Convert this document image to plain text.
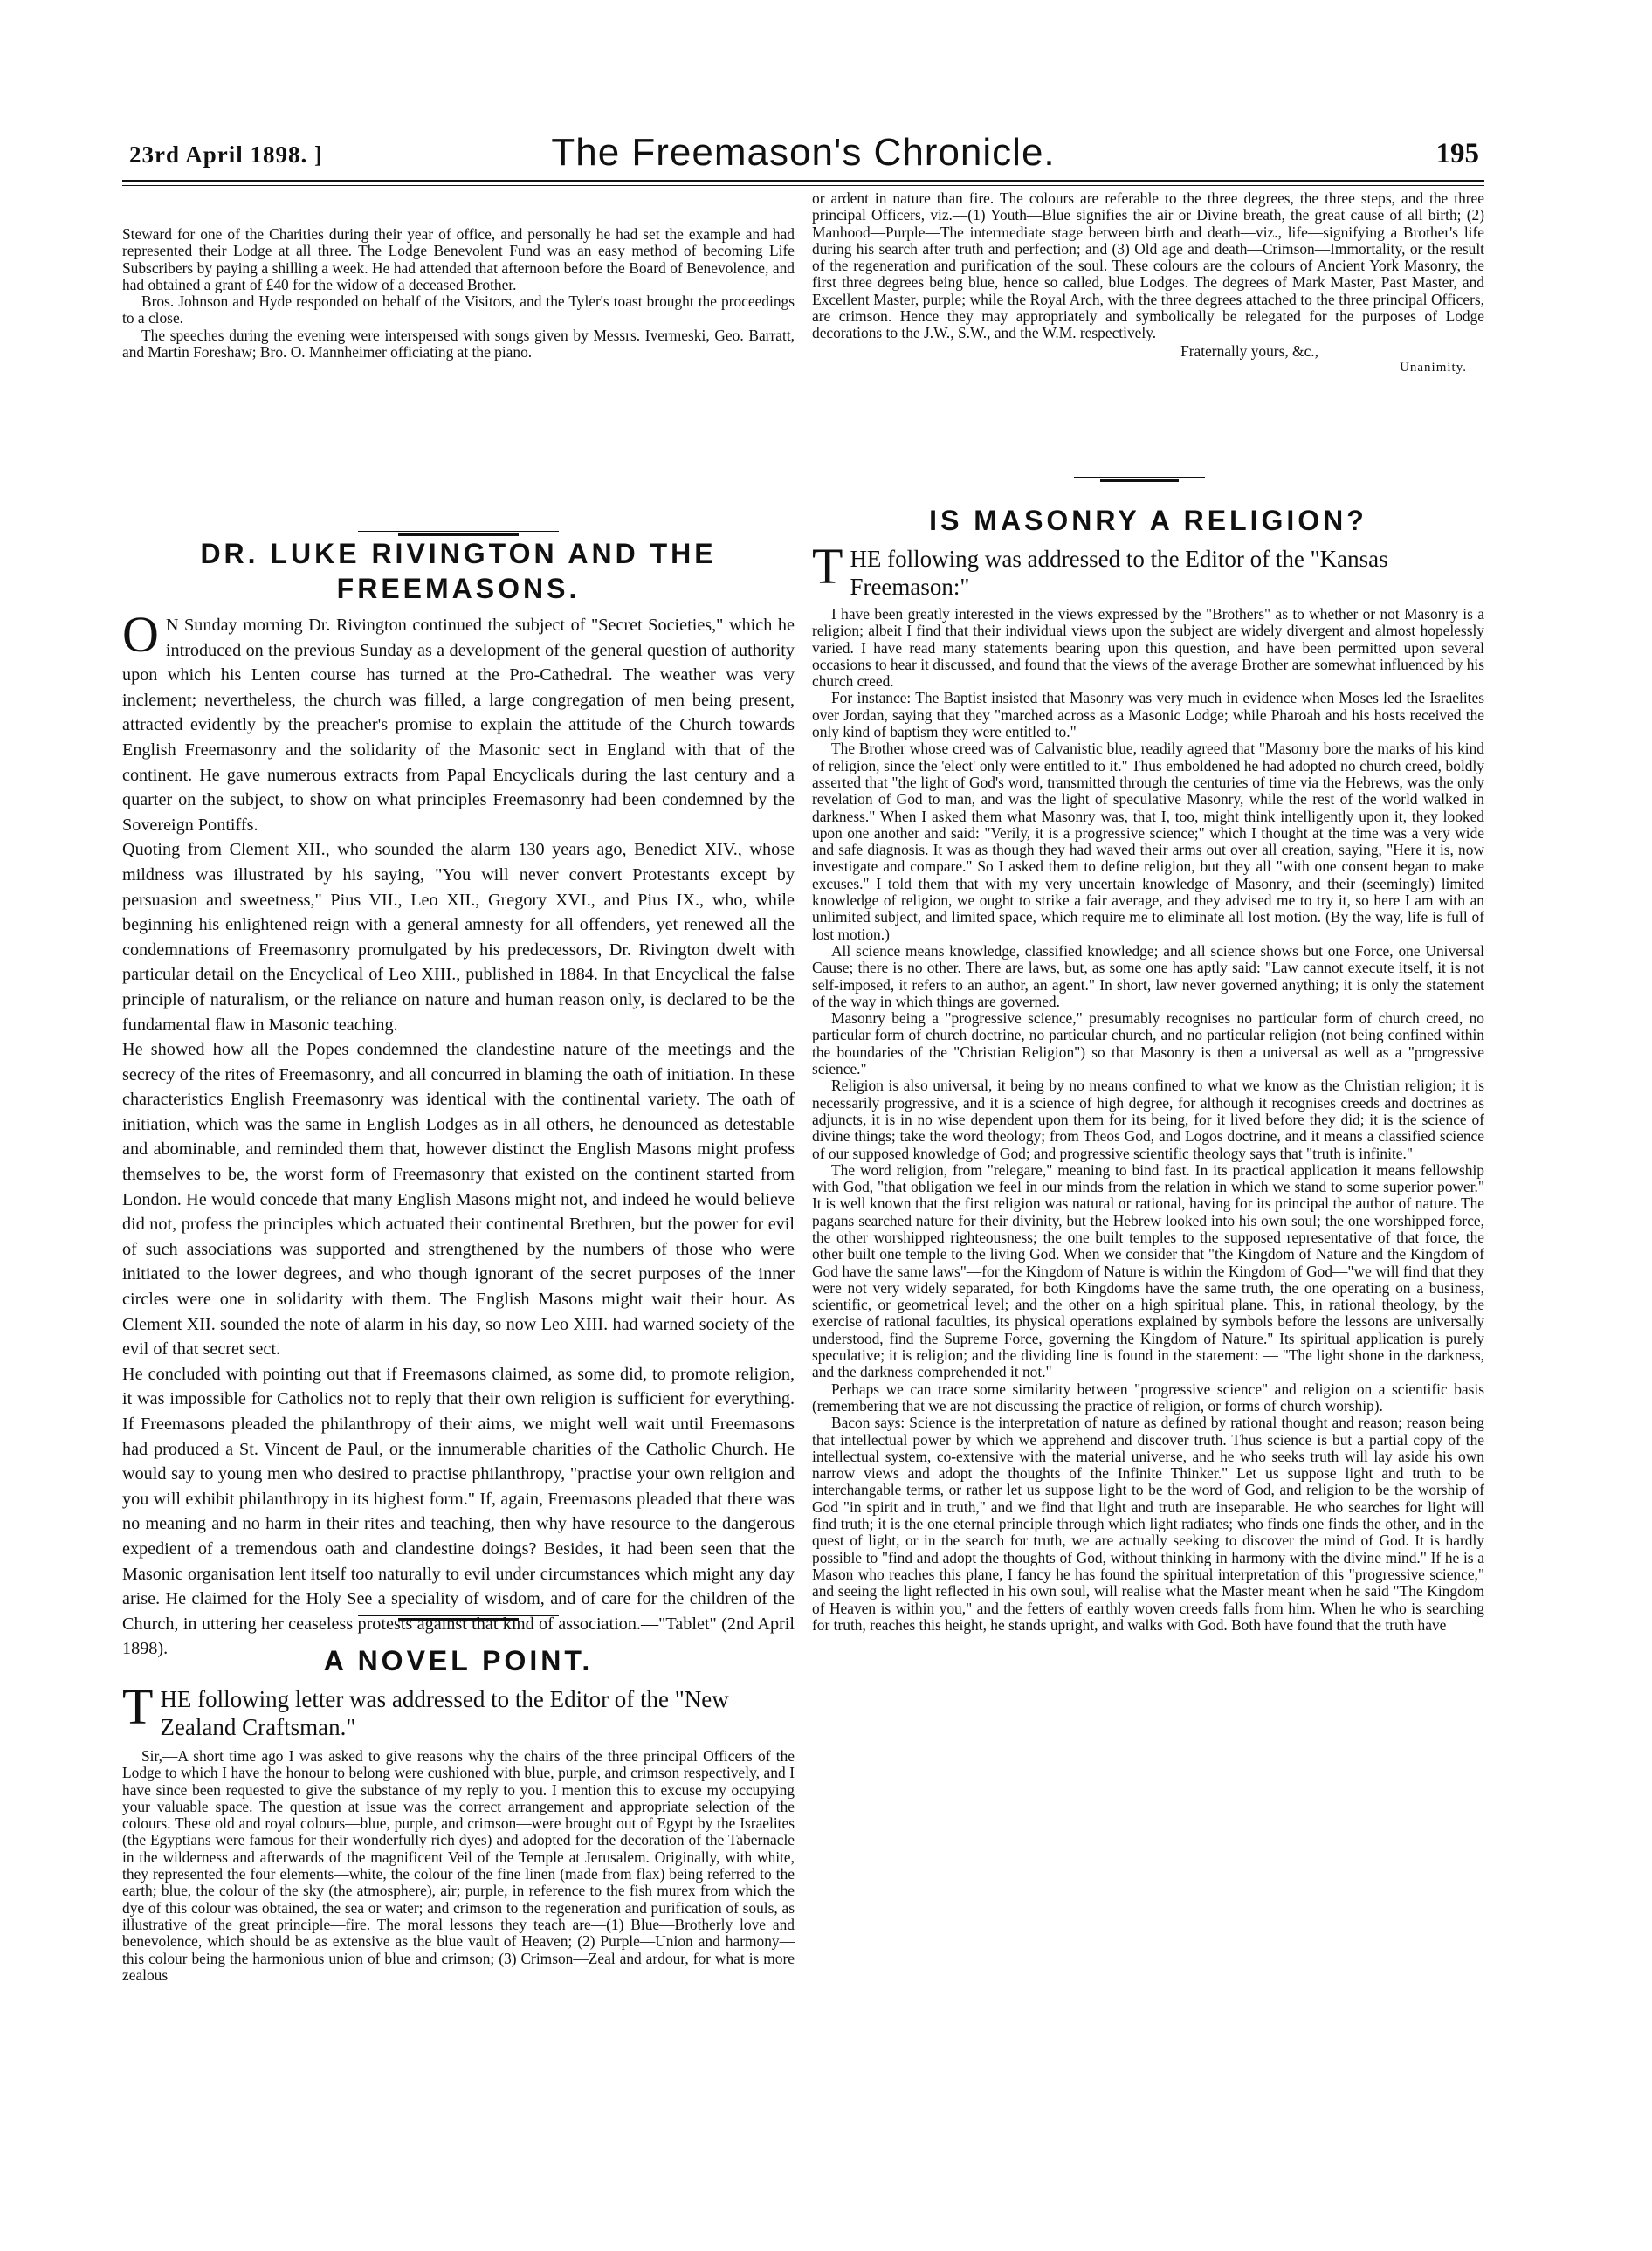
23rd April 1898. ]	The Freemason's Chronicle.	195

Steward for one of the Charities during their year of office, and personally he had set the example and had represented their Lodge at all three. The Lodge Benevolent Fund was an easy method of becoming Life Subscribers by paying a shilling a week. He had attended that afternoon before the Board of Benevolence, and had obtained a grant of £40 for the widow of a deceased Brother.

Bros. Johnson and Hyde responded on behalf of the Visitors, and the Tyler's toast brought the proceedings to a close.

The speeches during the evening were interspersed with songs given by Messrs. Ivermeski, Geo. Barratt, and Martin Foreshaw; Bro. O. Mannheimer officiating at the piano.

DR. LUKE RIVINGTON AND THE FREEMASONS.
O N Sunday morning Dr. Rivington continued the subject of "Secret Societies," which he introduced on the previous Sunday as a development of the general question of authority upon which his Lenten course has turned at the Pro-Cathedral. The weather was very inclement; nevertheless, the church was filled, a large congregation of men being present, attracted evidently by the preacher's promise to explain the attitude of the Church towards English Freemasonry and the solidarity of the Masonic sect in England with that of the continent. He gave numerous extracts from Papal Encyclicals during the last century and a quarter on the subject, to show on what principles Freemasonry had been condemned by the Sovereign Pontiffs.

Quoting from Clement XII., who sounded the alarm 130 years ago, Benedict XIV., whose mildness was illustrated by his saying, "You will never convert Protestants except by persuasion and sweetness," Pius VII., Leo XII., Gregory XVI., and Pius IX., who, while beginning his enlightened reign with a general amnesty for all offenders, yet renewed all the condemnations of Freemasonry promulgated by his predecessors, Dr. Rivington dwelt with particular detail on the Encyclical of Leo XIII., published in 1884. In that Encyclical the false principle of naturalism, or the reliance on nature and human reason only, is declared to be the fundamental flaw in Masonic teaching.

He showed how all the Popes condemned the clandestine nature of the meetings and the secrecy of the rites of Freemasonry, and all concurred in blaming the oath of initiation. In these characteristics English Freemasonry was identical with the continental variety. The oath of initiation, which was the same in English Lodges as in all others, he denounced as detestable and abominable, and reminded them that, however distinct the English Masons might profess themselves to be, the worst form of Freemasonry that existed on the continent started from London. He would concede that many English Masons might not, and indeed he would believe did not, profess the principles which actuated their continental Brethren, but the power for evil of such associations was supported and strengthened by the numbers of those who were initiated to the lower degrees, and who though ignorant of the secret purposes of the inner circles were one in solidarity with them. The English Masons might wait their hour. As Clement XII. sounded the note of alarm in his day, so now Leo XIII. had warned society of the evil of that secret sect.

He concluded with pointing out that if Freemasons claimed, as some did, to promote religion, it was impossible for Catholics not to reply that their own religion is sufficient for everything. If Freemasons pleaded the philanthropy of their aims, we might well wait until Freemasons had produced a St. Vincent de Paul, or the innumerable charities of the Catholic Church. He would say to young men who desired to practise philanthropy, "practise your own religion and you will exhibit philanthropy in its highest form." If, again, Freemasons pleaded that there was no meaning and no harm in their rites and teaching, then why have resource to the dangerous expedient of a tremendous oath and clandestine doings? Besides, it had been seen that the Masonic organisation lent itself too naturally to evil under circumstances which might any day arise. He claimed for the Holy See a speciality of wisdom, and of care for the children of the Church, in uttering her ceaseless protests against that kind of association.—"Tablet" (2nd April 1898).	A NOVEL POINT.
T HE following letter was addressed to the Editor of the "New Zealand Craftsman."

Sir,—A short time ago I was asked to give reasons why the chairs of the three principal Officers of the Lodge to which I have the honour to belong were cushioned with blue, purple, and crimson respectively, and I have since been requested to give the substance of my reply to you. I mention this to excuse my occupying your valuable space. The question at issue was the correct arrangement and appropriate selection of the colours. These old and royal colours—blue, purple, and crimson—were brought out of Egypt by the Israelites (the Egyptians were famous for their wonderfully rich dyes) and adopted for the decoration of the Tabernacle in the wilderness and afterwards of the magnificent Veil of the Temple at Jerusalem. Originally, with white, they represented the four elements—white, the colour of the fine linen (made from flax) being referred to the earth; blue, the colour of the sky (the atmosphere), air; purple, in reference to the fish murex from which the dye of this colour was obtained, the sea or water; and crimson to the regeneration and purification of souls, as illustrative of the great principle—fire. The moral lessons they teach are—(1) Blue—Brotherly love and benevolence, which should be as extensive as the blue vault of Heaven; (2) Purple—Union and harmony—this colour being the harmonious union of blue and crimson; (3) Crimson—Zeal and ardour, for what is more zealous

or ardent in nature than fire. The colours are referable to the three degrees, the three steps, and the three principal Officers, viz.—(1) Youth—Blue signifies the air or Divine breath, the great cause of all birth; (2) Manhood—Purple—The intermediate stage between birth and death—viz., life—signifying a Brother's life during his search after truth and perfection; and (3) Old age and death—Crimson—Immortality, or the result of the regeneration and purification of the soul. These colours are the colours of Ancient York Masonry, the first three degrees being blue, hence so called, blue Lodges. The degrees of Mark Master, Past Master, and Excellent Master, purple; while the Royal Arch, with the three degrees attached to the three principal Officers, are crimson. Hence they may appropriately and symbolically be relegated for the purposes of Lodge decorations to the J.W., S.W., and the W.M. respectively.

Fraternally yours, &c.,

Unanimity.

IS MASONRY A RELIGION?
T HE following was addressed to the Editor of the "Kansas Freemason:"

I have been greatly interested in the views expressed by the "Brothers" as to whether or not Masonry is a religion; albeit I find that their individual views upon the subject are widely divergent and almost hopelessly varied. I have read many statements bearing upon this question, and have been permitted upon several occasions to hear it discussed, and found that the views of the average Brother are somewhat influenced by his church creed.

For instance: The Baptist insisted that Masonry was very much in evidence when Moses led the Israelites over Jordan, saying that they "marched across as a Masonic Lodge; while Pharoah and his hosts received the only kind of baptism they were entitled to."

The Brother whose creed was of Calvanistic blue, readily agreed that "Masonry bore the marks of his kind of religion, since the 'elect' only were entitled to it." Thus emboldened he had adopted no church creed, boldly asserted that "the light of God's word, transmitted through the centuries of time via the Hebrews, was the only revelation of God to man, and was the light of speculative Masonry, while the rest of the world walked in darkness." When I asked them what Masonry was, that I, too, might think intelligently upon it, they looked upon one another and said: "Verily, it is a progressive science;" which I thought at the time was a very wide and safe diagnosis. It was as though they had waved their arms out over all creation, saying, "Here it is, now investigate and compare." So I asked them to define religion, but they all "with one consent began to make excuses." I told them that with my very uncertain knowledge of Masonry, and their (seemingly) limited knowledge of religion, we ought to strike a fair average, and they advised me to try it, so here I am with an unlimited subject, and limited space, which require me to eliminate all lost motion. (By the way, life is full of lost motion.)

All science means knowledge, classified knowledge; and all science shows but one Force, one Universal Cause; there is no other. There are laws, but, as some one has aptly said: "Law cannot execute itself, it is not self-imposed, it refers to an author, an agent." In short, law never governed anything; it is only the statement of the way in which things are governed.

Masonry being a "progressive science," presumably recognises no particular form of church creed, no particular form of church doctrine, no particular church, and no particular religion (not being confined within the boundaries of the "Christian Religion") so that Masonry is then a universal as well as a "progressive science."

Religion is also universal, it being by no means confined to what we know as the Christian religion; it is necessarily progressive, and it is a science of high degree, for although it recognises creeds and doctrines as adjuncts, it is in no wise dependent upon them for its being, for it lived before they did; it is the science of divine things; take the word theology; from Theos God, and Logos doctrine, and it means a classified science of our supposed knowledge of God; and progressive scientific theology says that "truth is infinite."

The word religion, from "relegare," meaning to bind fast. In its practical application it means fellowship with God, "that obligation we feel in our minds from the relation in which we stand to some superior power." It is well known that the first religion was natural or rational, having for its principal the author of nature. The pagans searched nature for their divinity, but the Hebrew looked into his own soul; the one worshipped force, the other worshipped righteousness; the one built temples to the supposed representative of that force, the other built one temple to the living God. When we consider that "the Kingdom of Nature and the Kingdom of God have the same laws"—for the Kingdom of Nature is within the Kingdom of God—"we will find that they were not very widely separated, for both Kingdoms have the same truth, the one operating on a business, scientific, or geometrical level; and the other on a high spiritual plane. This, in rational theology, by the exercise of rational faculties, its physical operations explained by symbols before the lessons are universally understood, find the Supreme Force, governing the Kingdom of Nature." Its spiritual application is purely speculative; it is religion; and the dividing line is found in the statement: — "The light shone in the darkness, and the darkness comprehended it not."

Perhaps we can trace some similarity between "progressive science" and religion on a scientific basis (remembering that we are not discussing the practice of religion, or forms of church worship).

Bacon says: Science is the interpretation of nature as defined by rational thought and reason; reason being that intellectual power by which we apprehend and discover truth. Thus science is but a partial copy of the intellectual system, co-extensive with the material universe, and he who seeks truth will lay aside his own narrow views and adopt the thoughts of the Infinite Thinker." Let us suppose light and truth to be interchangable terms, or rather let us suppose light to be the word of God, and religion to be the worship of God "in spirit and in truth," and we find that light and truth are inseparable. He who searches for light will find truth; it is the one eternal principle through which light radiates; who finds one finds the other, and in the quest of light, or in the search for truth, we are actually seeking to discover the mind of God. It is hardly possible to "find and adopt the thoughts of God, without thinking in harmony with the divine mind." If he is a Mason who reaches this plane, I fancy he has found the spiritual interpretation of this "progressive science," and seeing the light reflected in his own soul, will realise what the Master meant when he said "The Kingdom of Heaven is within you," and the fetters of earthly woven creeds falls from him. When he who is searching for truth, reaches this height, he stands upright, and walks with God. Both have found that the truth have
